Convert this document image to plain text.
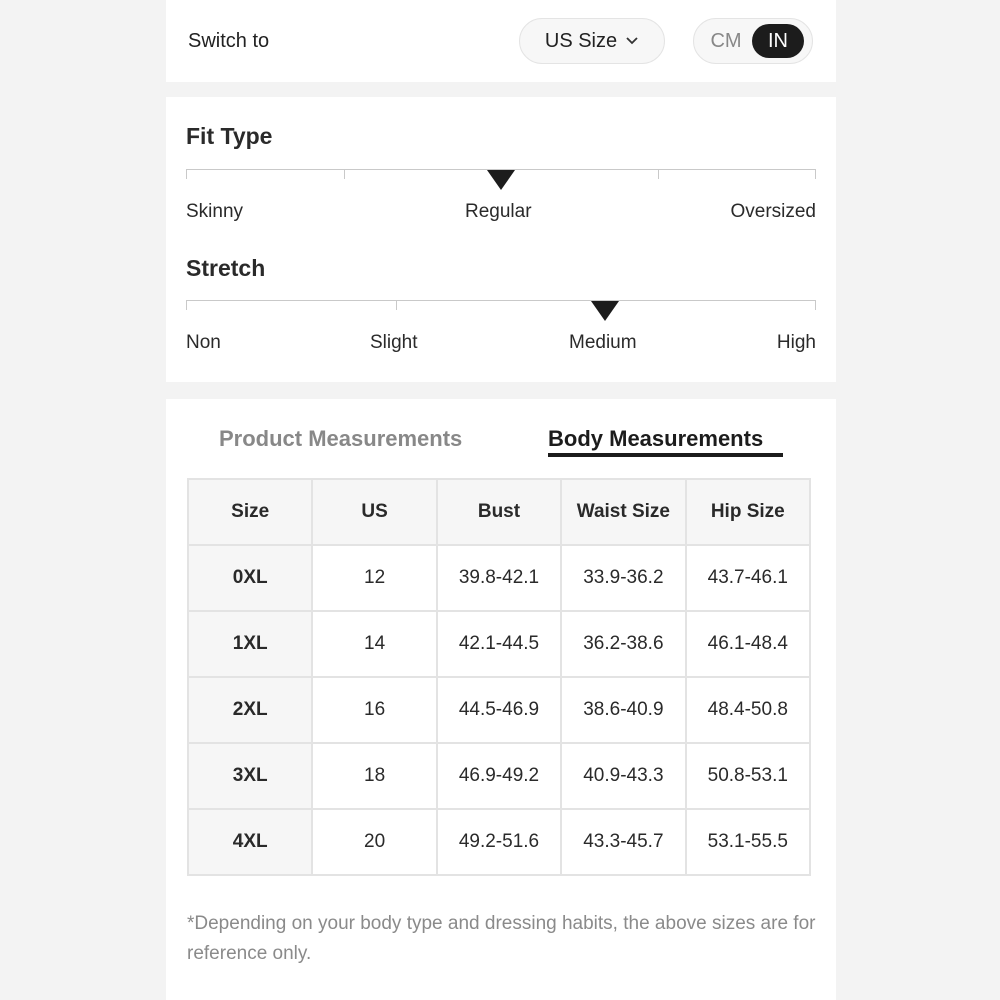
Switch to	US Size	CM	IN
Fit Type
Skinny	Regular	Oversized
Stretch
Non	Slight	Medium	High
Product Measurements	Body Measurements
Size	US	Bust	Waist Size	Hip Size
0XL	12	39.8-42.1	33.9-36.2	43.7-46.1
1XL	14	42.1-44.5	36.2-38.6	46.1-48.4
2XL	16	44.5-46.9	38.6-40.9	48.4-50.8
3XL	18	46.9-49.2	40.9-43.3	50.8-53.1
4XL	20	49.2-51.6	43.3-45.7	53.1-55.5
*Depending on your body type and dressing habits, the above sizes are for reference only.
